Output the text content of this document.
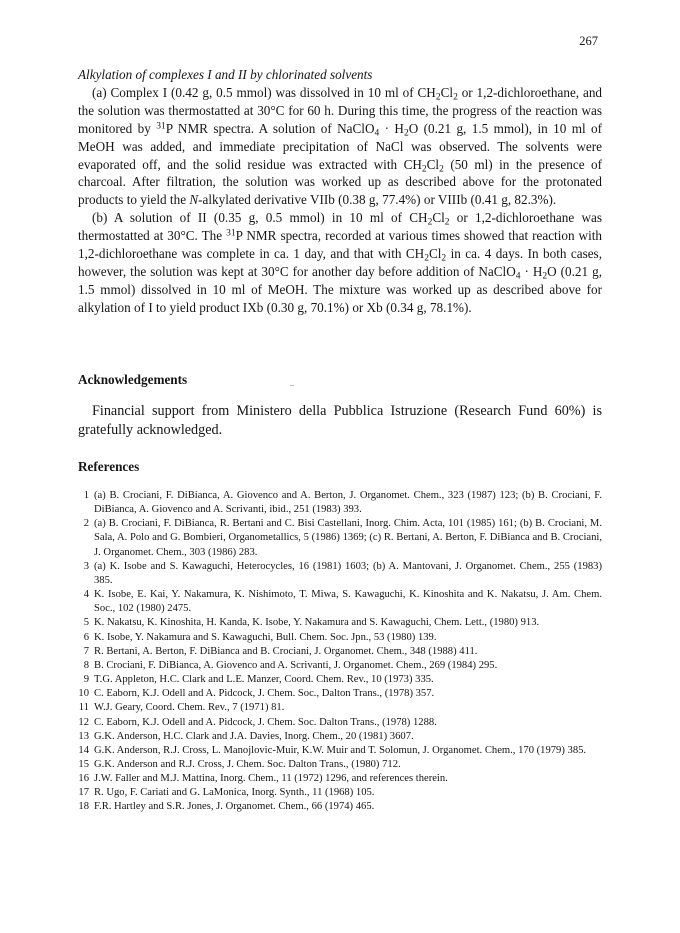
267

Alkylation of complexes I and II by chlorinated solvents

(a) Complex I (0.42 g, 0.5 mmol) was dissolved in 10 ml of $CH_2Cl_2$ or 1,2-dichloroethane, and the solution was thermostatted at 30°C for 60 h. During this time, the progress of the reaction was monitored by $^{31}$P NMR spectra. A solution of NaClO$_4$ · $H_2O$ (0.21 g, 1.5 mmol), in 10 ml of MeOH was added, and immediate precipitation of NaCl was observed. The solvents were evaporated off, and the solid residue was extracted with $CH_2Cl_2$ (50 ml) in the presence of charcoal. After filtration, the solution was worked up as described above for the protonated products to yield the N-alkylated derivative VIIb (0.38 g, 77.4%) or VIIIb (0.41 g, 82.3%).

(b) A solution of II (0.35 g, 0.5 mmol) in 10 ml of $CH_2Cl_2$ or 1,2-dichloroethane was thermostatted at 30°C. The $^{31}$P NMR spectra, recorded at various times showed that reaction with 1,2-dichloroethane was complete in ca. 1 day, and that with $CH_2Cl_2$ in ca. 4 days. In both cases, however, the solution was kept at 30°C for another day before addition of NaClO$_4$ · $H_2O$ (0.21 g, 1.5 mmol) dissolved in 10 ml of MeOH. The mixture was worked up as described above for alkylation of I to yield product IXb (0.30 g, 70.1%) or Xb (0.34 g, 78.1%).

Acknowledgements

Financial support from Ministero della Pubblica Istruzione (Research Fund 60%) is gratefully acknowledged.

References
1 (a) B. Crociani, F. DiBianca, A. Giovenco and A. Berton, J. Organomet. Chem., 323 (1987) 123; (b) B. Crociani, F. DiBianca, A. Giovenco and A. Scrivanti, ibid., 251 (1983) 393.
2 (a) B. Crociani, F. DiBianca, R. Bertani and C. Bisi Castellani, Inorg. Chim. Acta, 101 (1985) 161; (b) B. Crociani, M. Sala, A. Polo and G. Bombieri, Organometallics, 5 (1986) 1369; (c) R. Bertani, A. Berton, F. DiBianca and B. Crociani, J. Organomet. Chem., 303 (1986) 283.
3 (a) K. Isobe and S. Kawaguchi, Heterocycles, 16 (1981) 1603; (b) A. Mantovani, J. Organomet. Chem., 255 (1983) 385.
4 K. Isobe, E. Kai, Y. Nakamura, K. Nishimoto, T. Miwa, S. Kawaguchi, K. Kinoshita and K. Nakatsu, J. Am. Chem. Soc., 102 (1980) 2475.
5 K. Nakatsu, K. Kinoshita, H. Kanda, K. Isobe, Y. Nakamura and S. Kawaguchi, Chem. Lett., (1980) 913.
6 K. Isobe, Y. Nakamura and S. Kawaguchi, Bull. Chem. Soc. Jpn., 53 (1980) 139.
7 R. Bertani, A. Berton, F. DiBianca and B. Crociani, J. Organomet. Chem., 348 (1988) 411.
8 B. Crociani, F. DiBianca, A. Giovenco and A. Scrivanti, J. Organomet. Chem., 269 (1984) 295.
9 T.G. Appleton, H.C. Clark and L.E. Manzer, Coord. Chem. Rev., 10 (1973) 335.
10 C. Eaborn, K.J. Odell and A. Pidcock, J. Chem. Soc., Dalton Trans., (1978) 357.
11 W.J. Geary, Coord. Chem. Rev., 7 (1971) 81.
12 C. Eaborn, K.J. Odell and A. Pidcock, J. Chem. Soc. Dalton Trans., (1978) 1288.
13 G.K. Anderson, H.C. Clark and J.A. Davies, Inorg. Chem., 20 (1981) 3607.
14 G.K. Anderson, R.J. Cross, L. Manojlovic-Muir, K.W. Muir and T. Solomun, J. Organomet. Chem., 170 (1979) 385.
15 G.K. Anderson and R.J. Cross, J. Chem. Soc. Dalton Trans., (1980) 712.
16 J.W. Faller and M.J. Mattina, Inorg. Chem., 11 (1972) 1296, and references therein.
17 R. Ugo, F. Cariati and G. LaMonica, Inorg. Synth., 11 (1968) 105.
18 F.R. Hartley and S.R. Jones, J. Organomet. Chem., 66 (1974) 465.
